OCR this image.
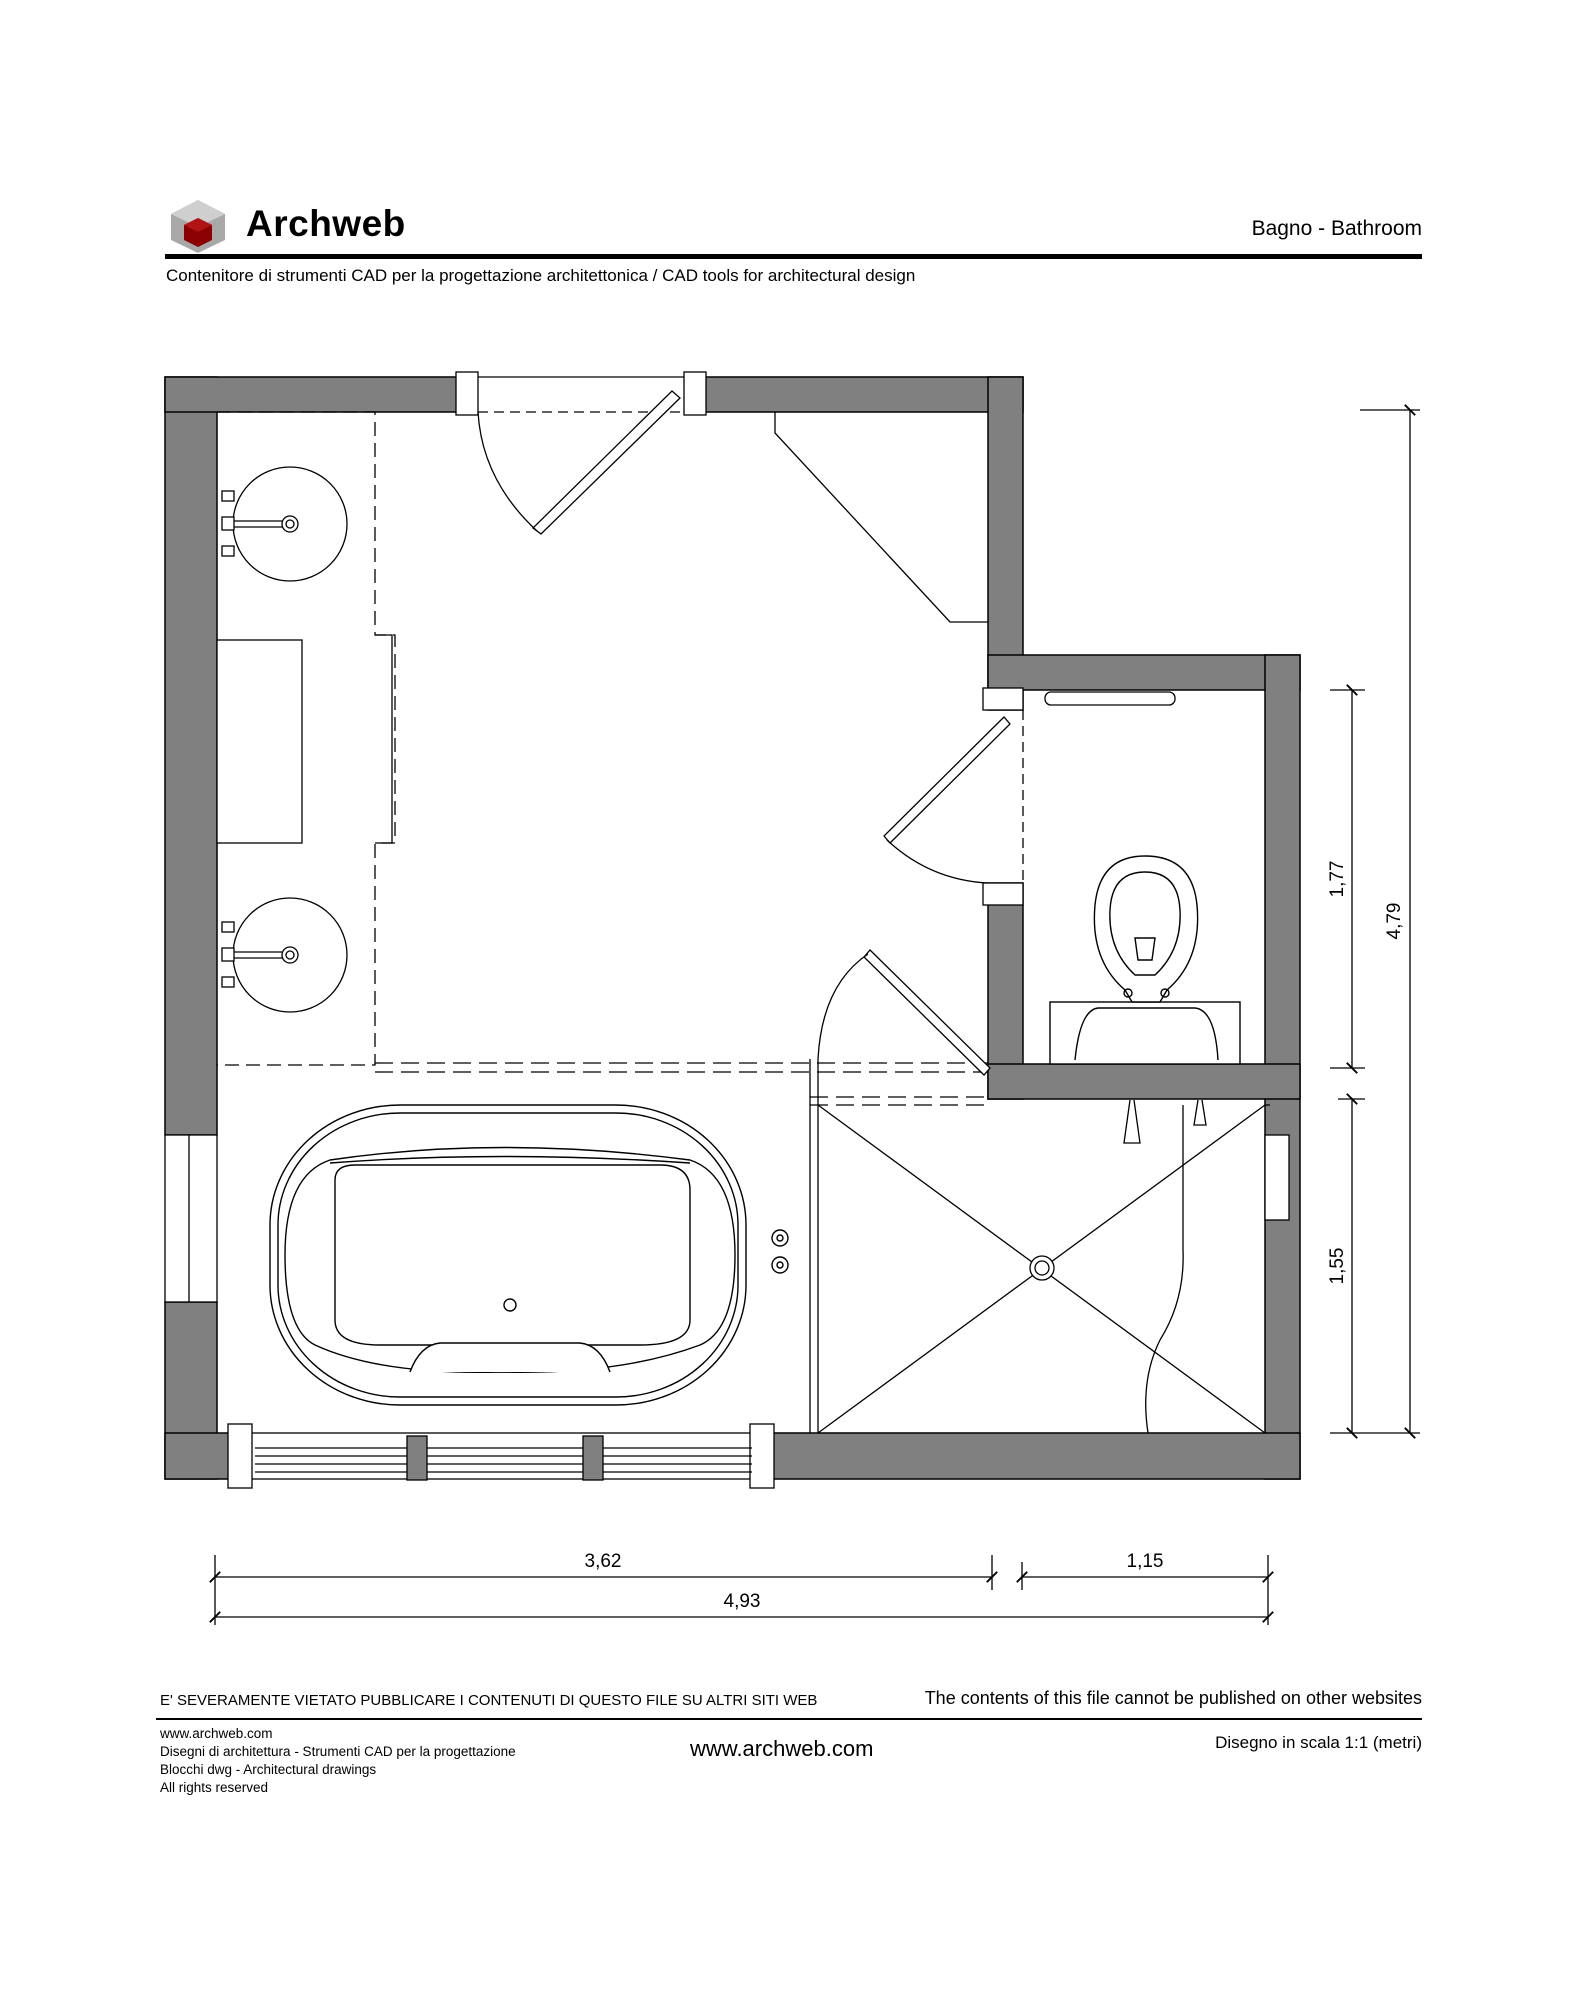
Archweb	Bagno - Bathroom
Contenitore di strumenti CAD per la progettazione architettonica / CAD tools for architectural design
3,62	1,15
4,93
1,77
1,55
4,79
E' SEVERAMENTE VIETATO PUBBLICARE I CONTENUTI DI QUESTO FILE SU ALTRI SITI WEB	The contents of this file cannot be published on other websites
www.archweb.com
Disegni di architettura - Strumenti CAD per la progettazione
Blocchi dwg - Architectural drawings
All rights reserved
www.archweb.com	Disegno in scala 1:1 (metri)
